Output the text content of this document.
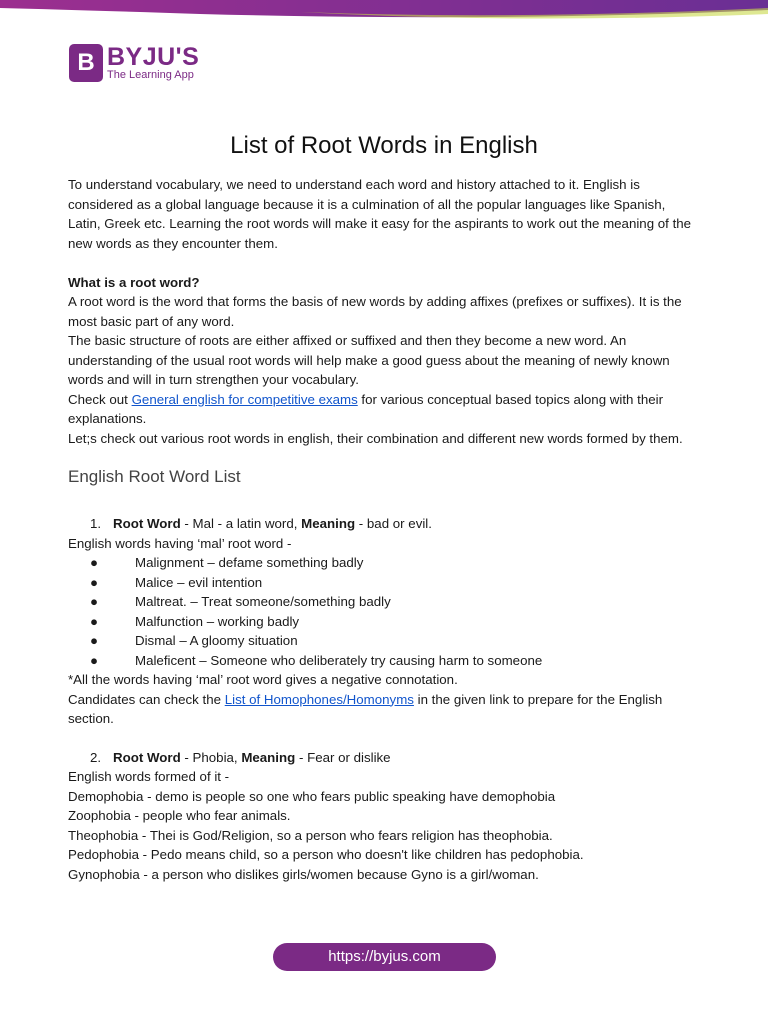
B BYJU'S
The Learning App
List of Root Words in English

To understand vocabulary, we need to understand each word and history attached to it. English is considered as a global language because it is a culmination of all the popular languages like Spanish, Latin, Greek etc. Learning the root words will make it easy for the aspirants to work out the meaning of the new words as they encounter them.

What is a root word?

A root word is the word that forms the basis of new words by adding affixes (prefixes or suffixes). It is the most basic part of any word.

The basic structure of roots are either affixed or suffixed and then they become a new word. An understanding of the usual root words will help make a good guess about the meaning of newly known words and will in turn strengthen your vocabulary.

Check out General english for competitive exams for various conceptual based topics along with their explanations.

Let;s check out various root words in english, their combination and different new words formed by them.

English Root Word List

1. Root Word - Mal - a latin word, Meaning - bad or evil.

English words having ‘mal’ root word -

●	Malignment – defame something badly
●	Malice – evil intention
●	Maltreat. – Treat someone/something badly
●	Malfunction – working badly
●	Dismal – A gloomy situation
●	Maleficent – Someone who deliberately try causing harm to someone

*All the words having ‘mal’ root word gives a negative connotation.

Candidates can check the List of Homophones/Homonyms in the given link to prepare for the English section.

2. Root Word - Phobia, Meaning - Fear or dislike

English words formed of it -

Demophobia - demo is people so one who fears public speaking have demophobia

Zoophobia - people who fear animals.

Theophobia - Thei is God/Religion, so a person who fears religion has theophobia.

Pedophobia - Pedo means child, so a person who doesn't like children has pedophobia.

Gynophobia - a person who dislikes girls/women because Gyno is a girl/woman.

https://byjus.com
